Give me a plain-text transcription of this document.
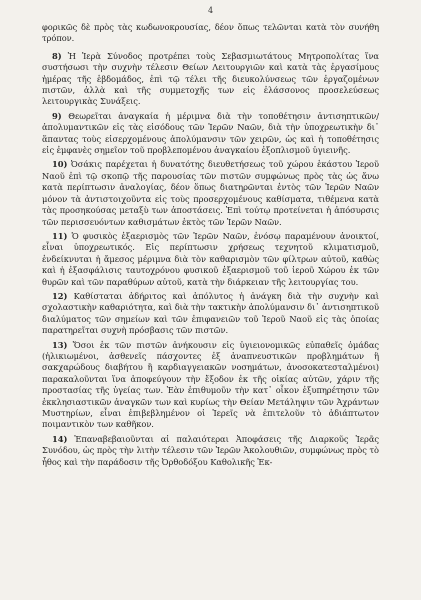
4

φορικῶς δὲ πρὸς τὰς κωδωνοκρουσίας, δέον ὅπως τελῶνται κατὰ τὸν συνήθη τρόπον.

8) Ἡ Ἱερὰ Σύνοδος προτρέπει τοὺς Σεβασμιωτάτους Μητροπολίτας ἵνα συστήσωσι τὴν συχνὴν τέλεσιν Θείων Λειτουργιῶν καὶ κατὰ τὰς ἐργασίμους ἡμέρας τῆς ἑβδομάδος, ἐπὶ τῷ τέλει τῆς διευκολύνσεως τῶν ἐργαζομένων πιστῶν, ἀλλὰ καὶ τῆς συμμετοχῆς των εἰς ἐλάσσονος προσελεύσεως λειτουργικὰς Συνάξεις.

9) Θεωρεῖται ἀναγκαία ἡ μέριμνα διὰ τὴν τοποθέτησιν ἀντισηπτικῶν/ἀπολυμαντικῶν εἰς τὰς εἰσόδους τῶν Ἱερῶν Ναῶν, διὰ τὴν ὑποχρεωτικὴν δι᾽ ἅπαντας τοὺς εἰσερχομένους ἀπολύμανσιν τῶν χειρῶν, ὡς καὶ ἡ τοποθέτησις εἰς ἐμφανὲς σημεῖον τοῦ προβλεπομένου ἀναγκαίου ἐξοπλισμοῦ ὑγιεινῆς.

10) Ὀσάκις παρέχεται ἡ δυνατότης διευθετήσεως τοῦ χώρου ἑκάστου Ἱεροῦ Ναοῦ ἐπὶ τῷ σκοπῷ τῆς παρουσίας τῶν πιστῶν συμφώνως πρὸς τὰς ὡς ἄνω κατὰ περίπτωσιν ἀναλογίας, δέον ὅπως διατηρῶνται ἐντὸς τῶν Ἱερῶν Ναῶν μόνον τὰ ἀντιστοιχοῦντα εἰς τοὺς προσερχομένους καθίσματα, τιθέμενα κατὰ τὰς προσηκούσας μεταξὺ των ἀποστάσεις. Ἐπὶ τούτῳ προτείνεται ἡ ἀπόσυρσις τῶν περισσευόντων καθισμάτων ἐκτὸς τῶν Ἱερῶν Ναῶν.

11) Ὁ φυσικὸς ἐξαερισμὸς τῶν Ἱερῶν Ναῶν, ἐνόσῳ παραμένουν ἀνοικτοί, εἶναι ὑποχρεωτικός. Εἰς περίπτωσιν χρήσεως τεχνητοῦ κλιματισμοῦ, ἐνδείκνυται ἡ ἄμεσος μέριμνα διὰ τὸν καθαρισμὸν τῶν φίλτρων αὐτοῦ, καθὼς καὶ ἡ ἐξασφάλισις ταυτοχρόνου φυσικοῦ ἐξαερισμοῦ τοῦ ἱεροῦ Χώρου ἐκ τῶν θυρῶν καὶ τῶν παραθύρων αὐτοῦ, κατὰ τὴν διάρκειαν τῆς λειτουργίας του.

12) Καθίσταται ἀδήριτος καὶ ἀπόλυτος ἡ ἀνάγκη διὰ τὴν συχνὴν καὶ σχολαστικὴν καθαριότητα, καὶ διὰ τὴν τακτικὴν ἀπολύμανσιν δι᾽ ἀντισηπτικοῦ διαλύματος τῶν σημείων καὶ τῶν ἐπιφανειῶν τοῦ Ἱεροῦ Ναοῦ εἰς τὰς ὁποίας παρατηρεῖται συχνὴ πρόσβασις τῶν πιστῶν.

13) Ὅσοι ἐκ τῶν πιστῶν ἀνήκουσιν εἰς ὑγιειονομικῶς εὐπαθεῖς ὁμάδας (ἡλικιωμένοι, ἀσθενεῖς πάσχοντες ἐξ ἀναπνευστικῶν προβλημάτων ἢ σακχαρώδους διαβήτου ἢ καρδιαγγειακῶν νοσημάτων, ἀνοσοκατεσταλμένοι) παρακαλοῦνται ἵνα ἀποφεύγουν τὴν ἔξοδον ἐκ τῆς οἰκίας αὐτῶν, χάριν τῆς προστασίας τῆς ὑγείας των. Ἐὰν ἐπιθυμοῦν τὴν κατ᾽ οἶκον ἐξυπηρέτησιν τῶν ἐκκλησιαστικῶν ἀναγκῶν των καὶ κυρίως τὴν Θείαν Μετάληψιν τῶν Ἀχράντων Μυστηρίων, εἶναι ἐπιβεβλημένον οἱ Ἱερεῖς νὰ ἐπιτελοῦν τὸ ἀδιάπτωτον ποιμαντικὸν των καθῆκον.

14) Ἐπαναβεβαιοῦνται αἱ παλαιότεραι Ἀποφάσεις τῆς Διαρκοῦς Ἱερᾶς Συνόδου, ὡς πρὸς τὴν λιτὴν τέλεσιν τῶν Ἱερῶν Ἀκολουθιῶν, συμφώνως πρὸς τὸ ἦθος καὶ τὴν παράδοσιν τῆς Ὀρθοδόξου Καθολικῆς Ἐκ-
